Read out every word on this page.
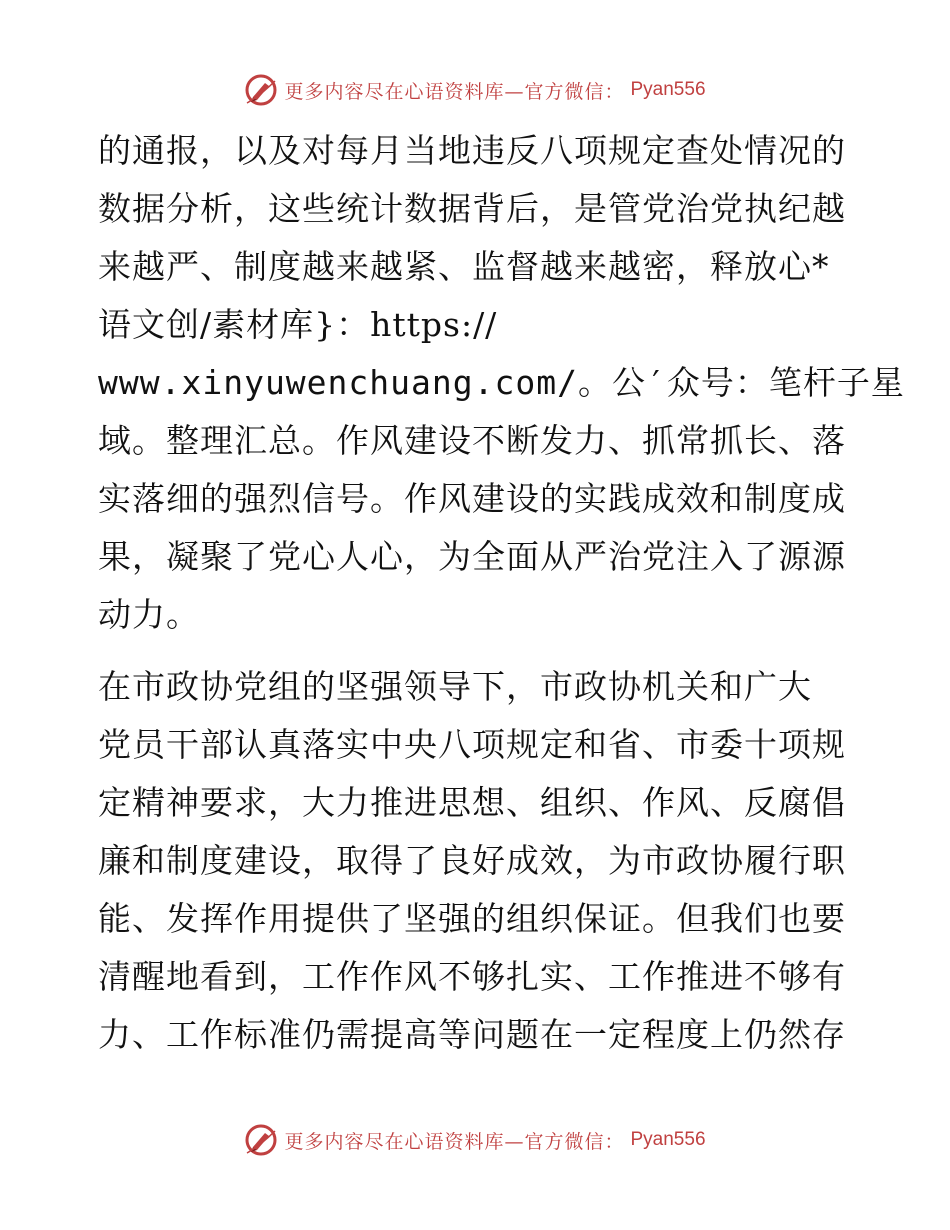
更多内容尽在心语资料库—官方微信： Pyan556

的通报，以及对每月当地违反八项规定查处情况的
数据分析，这些统计数据背后，是管党治党执纪越
来越严、制度越来越紧、监督越来越密，释放心*
语文创/素材库}：https://
www.xinyuwenchuang.com/。公′众号：笔杆子星
域。整理汇总。作风建设不断发力、抓常抓长、落
实落细的强烈信号。作风建设的实践成效和制度成
果，凝聚了党心人心，为全面从严治党注入了源源
动力。

在市政协党组的坚强领导下，市政协机关和广大
党员干部认真落实中央八项规定和省、市委十项规
定精神要求，大力推进思想、组织、作风、反腐倡
廉和制度建设，取得了良好成效，为市政协履行职
能、发挥作用提供了坚强的组织保证。但我们也要
清醒地看到，工作作风不够扎实、工作推进不够有
力、工作标准仍需提高等问题在一定程度上仍然存

更多内容尽在心语资料库—官方微信： Pyan556
